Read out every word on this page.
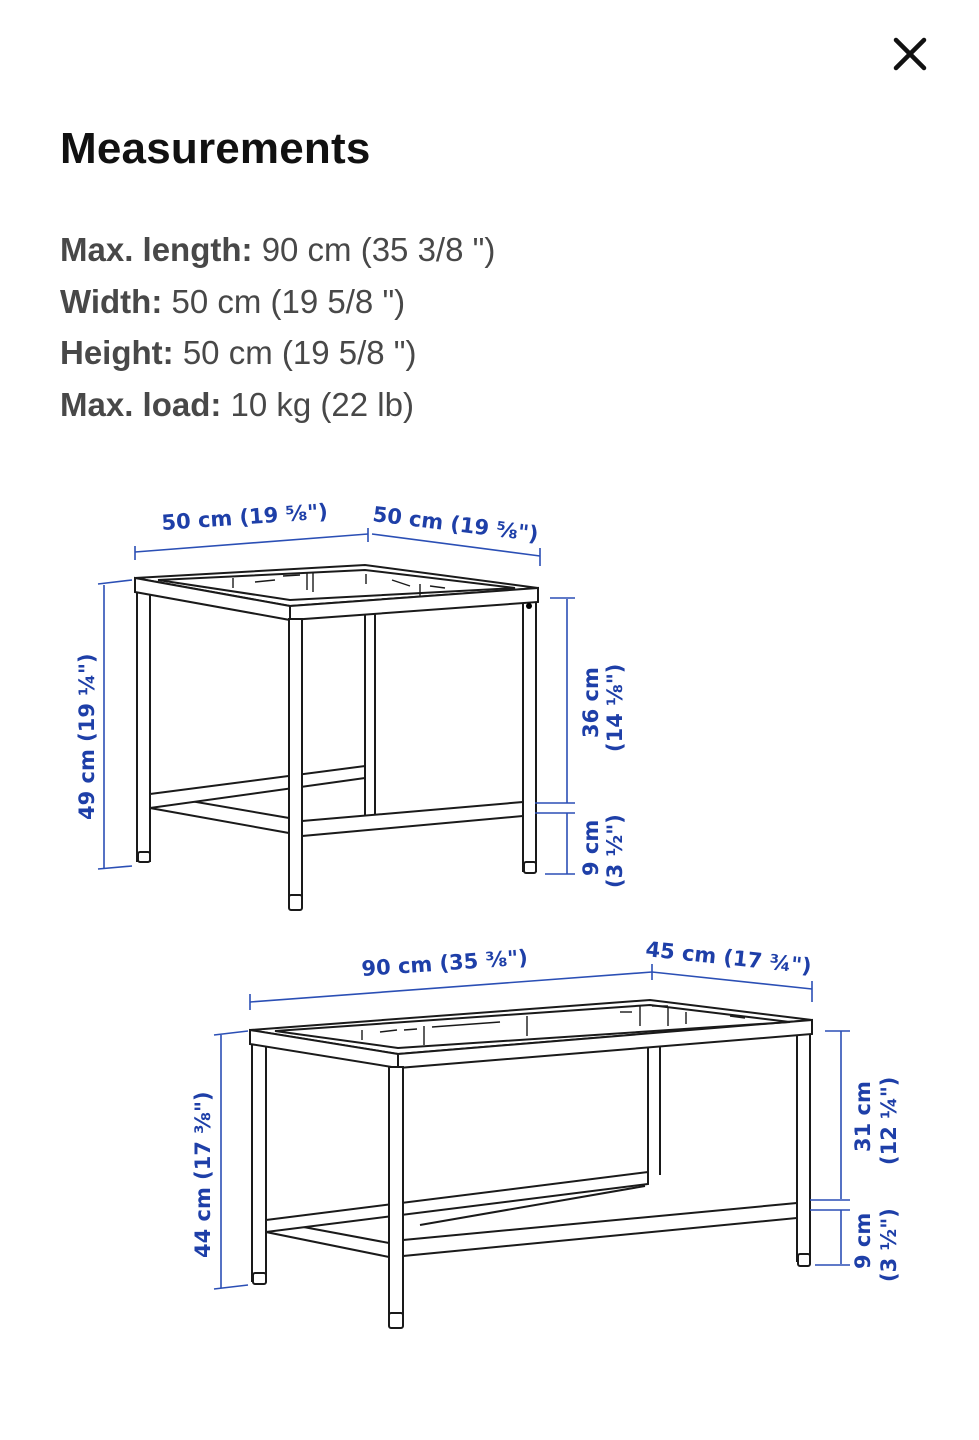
Measurements
Max. length: 90 cm (35 3/8 ")
Width: 50 cm (19 5/8 ")
Height: 50 cm (19 5/8 ")
Max. load: 10 kg (22 lb)
50 cm (19 ⅝") 50 cm (19 ⅝")
49 cm (19 ¼")	36 cm (14 ⅛")
9 cm (3 ½")
90 cm (35 ⅜")	45 cm (17 ¾")
44 cm (17 ⅜")	31 cm (12 ¼")
9 cm (3 ½")
